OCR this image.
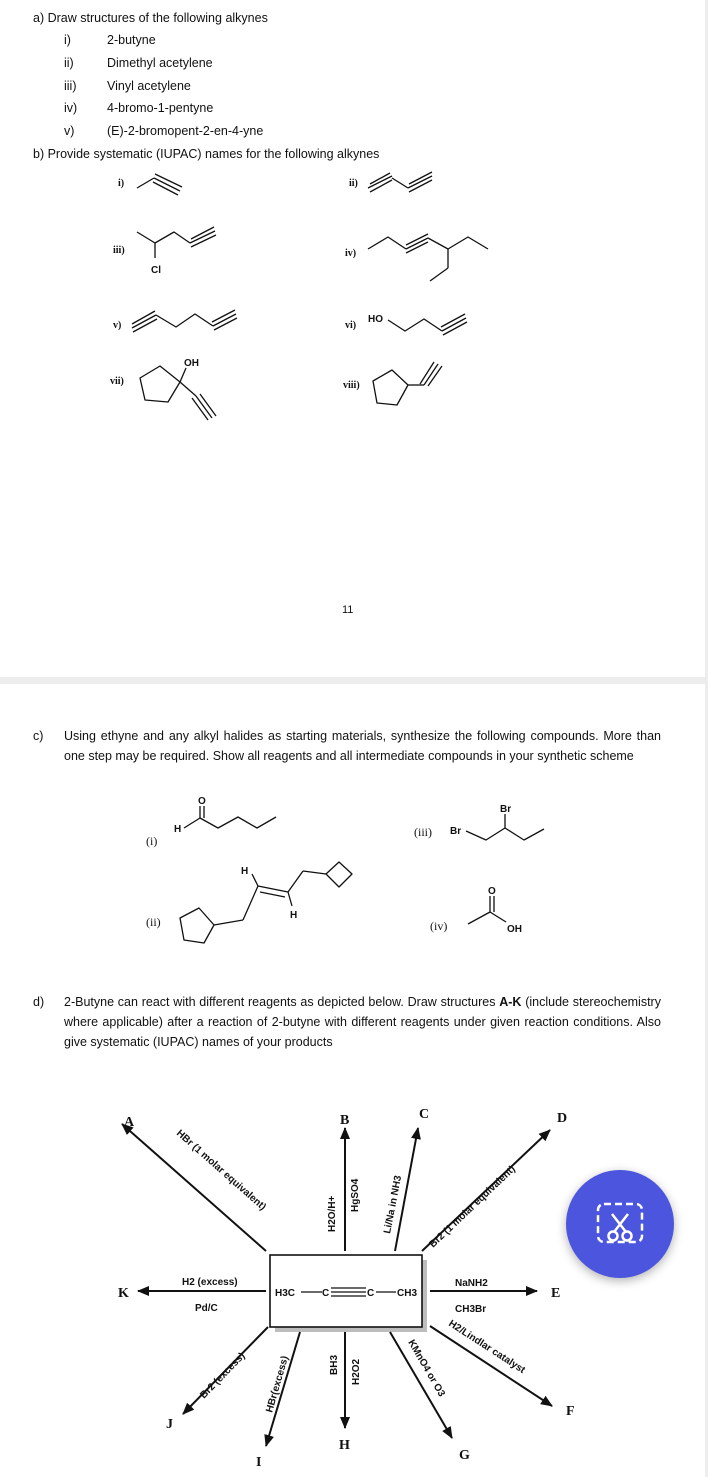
a) Draw structures of the following alkynes
i)	2-butyne
ii)	Dimethyl acetylene
iii) Vinyl acetylene
iv) 4-bromo-1-pentyne
v)	(E)-2-bromopent-2-en-4-yne
b) Provide systematic (IUPAC) names for the following alkynes
i)	ii)
iii)	iv)
v)	vi)
vii)	viii)
Cl
HO
OH
11
c) Using ethyne and any alkyl halides as starting materials, synthesize the following compounds. More than one step may be required. Show all reagents and all intermediate compounds in your synthetic scheme
(i)
(ii)
(iii)
(iv)
H
O
Br
Br
H
H
O
OH
d) 2-Butyne can react with different reagents as depicted below. Draw structures A-K (include stereochemistry where applicable) after a reaction of 2-butyne with different reagents under given reaction conditions. Also give systematic (IUPAC) names of your products
H3C	C	C CH3
A	B	C	D
E
F
G
H
I
J
K
HBr (1 molar equivalent)
H2O/H+
HgSO4 Li/Na in NH3 Br2 (1 molar equivalent)
NaNH2
CH3Br
H2/Lindlar catalyst
KMnO4 or O3
BH3 H2O2
HBr(excess)
Br2 (excess)
H2 (excess)
Pd/C
